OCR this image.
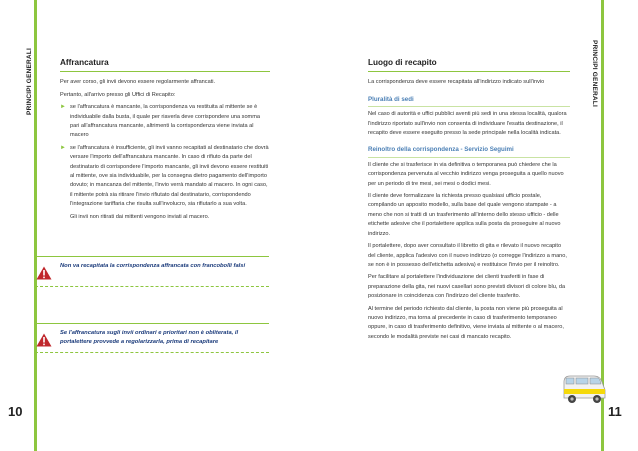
PRINCIPI GENERALI	PRINCIPI GENERALI
Affrancatura

Per aver corso, gli invii devono essere regolarmente affrancati.

Pertanto, all'arrivo presso gli Uffici di Recapito:

► se l'affrancatura è mancante, la corrispondenza va restituita al mittente se è individuabile dalla busta, il quale per riaverla deve corrispondere una somma pari all'affrancatura mancante, altrimenti la corrispondenza viene inviata al macero
► se l'affrancatura è insufficiente, gli invii vanno recapitati al destinatario che dovrà versare l'importo dell'affrancatura mancante. In caso di rifiuto da parte del destinatario di corrispondere l'importo mancante, gli invii devono essere restituiti al mittente, ove sia individuabile, per la consegna dietro pagamento dell'importo dovuto; in mancanza del mittente, l'invio verrà mandato al macero. In ogni caso, il mittente potrà sia ritirare l'invio rifiutato dal destinatario, corrispondendo l'integrazione tariffaria che risulta sull'involucro, sia rifiutarlo a sua volta.

Gli invii non ritirati dai mittenti vengono inviati al macero.

Non va recapitata la corrispondenza affrancata con francobolli falsi
Se l'affrancatura sugli invii ordinari e prioritari non è obliterata, il portalettere provvede a regolarizzarla, prima di recapitare
Luogo di recapito

La corrispondenza deve essere recapitata all'indirizzo indicato sull'invio

Pluralità di sedi

Nel caso di autorità e uffici pubblici aventi più sedi in una stessa località, qualora l'indirizzo riportato sull'invio non consenta di individuare l'esatta destinazione, il recapito deve essere eseguito presso la sede principale nella località indicata.

Reinoltro della corrispondenza - Servizio Seguimi

Il cliente che si trasferisce in via definitiva o temporanea può chiedere che la corrispondenza pervenuta al vecchio indirizzo venga proseguita a quello nuovo per un periodo di tre mesi, sei mesi o dodici mesi.

Il cliente deve formalizzare la richiesta presso qualsiasi ufficio postale, compilando un apposito modello, sulla base del quale vengono stampate - a meno che non si tratti di un trasferimento all'interno dello stesso ufficio - delle etichette adesive che il portalettere applica sulla posta da proseguire al nuovo indirizzo.

Il portalettere, dopo aver consultato il libretto di gita e rilevato il nuovo recapito del cliente, applica l'adesivo con il nuovo indirizzo (o corregge l'indirizzo a mano, se non è in possesso dell'etichetta adesiva) e restituisce l'invio per il reinoltro.

Per facilitare al portalettere l'individuazione dei clienti trasferiti in fase di preparazione della gita, nei nuovi casellari sono previsti divisori di colore blu, da posizionare in coincidenza con l'indirizzo del cliente trasferito.

Al termine del periodo richiesto dal cliente, la posta non viene più proseguita al nuovo indirizzo, ma torna al precedente in caso di trasferimento temporaneo oppure, in caso di trasferimento definitivo, viene inviata al mittente o al macero, secondo le modalità previste nei casi di mancato recapito.

10	11
